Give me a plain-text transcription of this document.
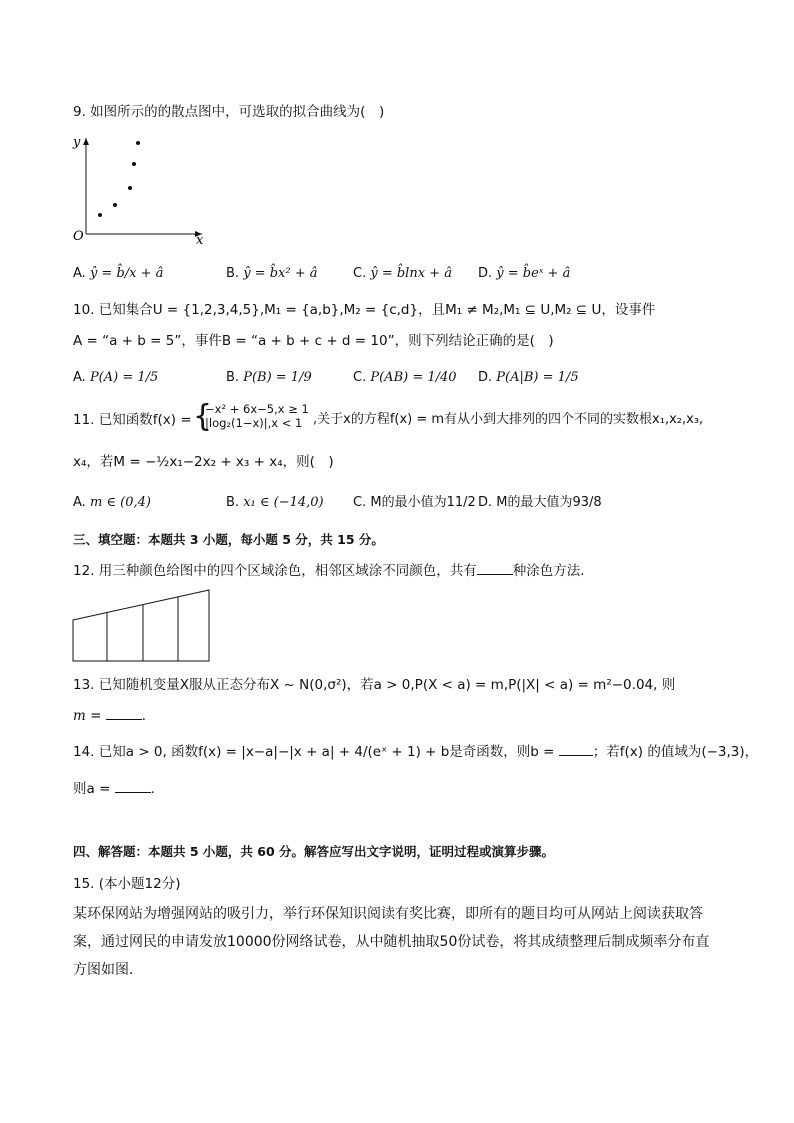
9. 如图所示的的散点图中，可选取的拟合曲线为(　)
y
x
O
A. ŷ = b̂/x + â	B. ŷ = b̂x² + â	C. ŷ = b̂lnx + â D. ŷ = b̂eˣ + â
10. 已知集合U = {1,2,3,4,5},M₁ = {a,b},M₂ = {c,d}，且M₁ ≠ M₂,M₁ ⊆ U,M₂ ⊆ U，设事件
A = “a + b = 5”，事件B = “a + b + c + d = 10”，则下列结论正确的是(　)
A. P(A) = 1/5	B. P(B) = 1/9	C. P(AB) = 1/40 D. P(A|B) = 1/5
11. 已知函数f(x) = {
−x² + 6x−5,x ≥ 1
|log₂(1−x)|,x < 1 ,关于x的方程f(x) = m有从小到大排列的四个不同的实数根x₁,x₂,x₃,
x₄，若M = −½x₁−2x₂ + x₃ + x₄，则(　)
A. m ∈ (0,4)	B. x₁ ∈ (−14,0) C. M的最小值为11/2 D. M的最大值为93/8
三、填空题：本题共 3 小题，每小题 5 分，共 15 分。
12. 用三种颜色给图中的四个区域涂色，相邻区域涂不同颜色，共有	种涂色方法．
13. 已知随机变量X服从正态分布X ~ N(0,σ²)，若a > 0,P(X < a) = m,P(|X| < a) = m²−0.04, 则
m =	．
14. 已知a > 0, 函数f(x) = |x−a|−|x + a| + 4/(eˣ + 1) + b是奇函数，则b =	；若f(x) 的值域为(−3,3)，
则a =	．
四、解答题：本题共 5 小题，共 60 分。解答应写出文字说明，证明过程或演算步骤。
15. (本小题12分)
某环保网站为增强网站的吸引力，举行环保知识阅读有奖比赛，即所有的题目均可从网站上阅读获取答案，通过网民的申请发放10000份网络试卷，从中随机抽取50份试卷，将其成绩整理后制成频率分布直方图如图．
